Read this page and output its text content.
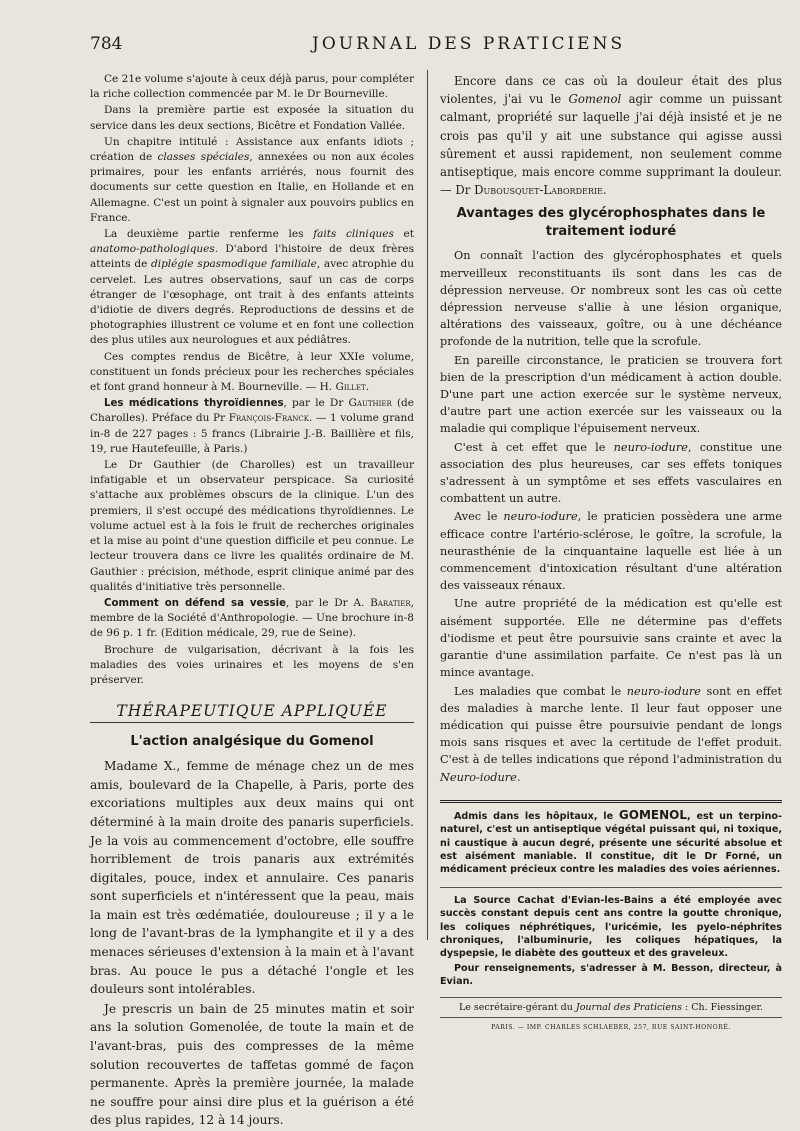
784	JOURNAL DES PRATICIENS

Ce 21e volume s'ajoute à ceux déjà parus, pour compléter la riche collection commencée par M. le Dr Bourneville.

Dans la première partie est exposée la situation du service dans les deux sections, Bicêtre et Fondation Vallée.

Un chapitre intitulé : Assistance aux enfants idiots ; création de classes spéciales, annexées ou non aux écoles primaires, pour les enfants arriérés, nous fournit des documents sur cette question en Italie, en Hollande et en Allemagne. C'est un point à signaler aux pouvoirs publics en France.

La deuxième partie renferme les faits cliniques et anatomo-pathologiques. D'abord l'histoire de deux frères atteints de diplégie spasmodique familiale, avec atrophie du cervelet. Les autres observations, sauf un cas de corps étranger de l'œsophage, ont trait à des enfants atteints d'idiotie de divers degrés. Reproductions de dessins et de photographies illustrent ce volume et en font une collection des plus utiles aux neurologues et aux pédiâtres.

Ces comptes rendus de Bicêtre, à leur XXIe volume, constituent un fonds précieux pour les recherches spéciales et font grand honneur à M. Bourneville. — H. Gillet.

Les médications thyroïdiennes, par le Dr Gauthier (de Charolles). Préface du Pr François-Franck. — 1 volume grand in-8 de 227 pages : 5 francs (Librairie J.-B. Baillière et fils, 19, rue Hautefeuille, à Paris.)

Le Dr Gauthier (de Charolles) est un travailleur infatigable et un observateur perspicace. Sa curiosité s'attache aux problèmes obscurs de la clinique. L'un des premiers, il s'est occupé des médications thyroïdiennes. Le volume actuel est à la fois le fruit de recherches originales et la mise au point d'une question difficile et peu connue. Le lecteur trouvera dans ce livre les qualités ordinaire de M. Gauthier : précision, méthode, esprit clinique animé par des qualités d'initiative très personnelle.

Comment on défend sa vessie, par le Dr A. Baratier, membre de la Société d'Anthropologie. — Une brochure in-8 de 96 p. 1 fr. (Edition médicale, 29, rue de Seine).

Brochure de vulgarisation, décrivant à la fois les maladies des voies urinaires et les moyens de s'en préserver.

THÉRAPEUTIQUE APPLIQUÉE
L'action analgésique du Gomenol

Madame X., femme de ménage chez un de mes amis, boulevard de la Chapelle, à Paris, porte des excoriations multiples aux deux mains qui ont déterminé à la main droite des panaris superficiels. Je la vois au commencement d'octobre, elle souffre horriblement de trois panaris aux extrémités digitales, pouce, index et annulaire. Ces panaris sont superficiels et n'intéressent que la peau, mais la main est très œdématiée, douloureuse ; il y a le long de l'avant-bras de la lymphangite et il y a des menaces sérieuses d'extension à la main et à l'avant bras. Au pouce le pus a détaché l'ongle et les douleurs sont intolérables.

Je prescris un bain de 25 minutes matin et soir ans la solution Gomenolée, de toute la main et de l'avant-bras, puis des compresses de la même solution recouvertes de taffetas gommé de façon permanente. Après la première journée, la malade ne souffre pour ainsi dire plus et la guérison a été des plus rapides, 12 à 14 jours.

Encore dans ce cas où la douleur était des plus violentes, j'ai vu le Gomenol agir comme un puissant calmant, propriété sur laquelle j'ai déjà insisté et je ne crois pas qu'il y ait une substance qui agisse aussi sûrement et aussi rapidement, non seulement comme antiseptique, mais encore comme supprimant la douleur. — Dr Dubousquet-Laborderie.

Avantages des glycérophosphates dans le traitement ioduré

On connaît l'action des glycérophosphates et quels merveilleux reconstituants ils sont dans les cas de dépression nerveuse. Or nombreux sont les cas où cette dépression nerveuse s'allie à une lésion organique, altérations des vaisseaux, goître, ou à une déchéance profonde de la nutrition, telle que la scrofule.

En pareille circonstance, le praticien se trouvera fort bien de la prescription d'un médicament à action double. D'une part une action exercée sur le système nerveux, d'autre part une action exercée sur les vaisseaux ou la maladie qui complique l'épuisement nerveux.

C'est à cet effet que le neuro-iodure, constitue une association des plus heureuses, car ses effets toniques s'adressent à un symptôme et ses effets vasculaires en combattent un autre.

Avec le neuro-iodure, le praticien possèdera une arme efficace contre l'artério-sclérose, le goître, la scrofule, la neurasthénie de la cinquantaine laquelle est liée à un commencement d'intoxication résultant d'une altération des vaisseaux rénaux.

Une autre propriété de la médication est qu'elle est aisément supportée. Elle ne détermine pas d'effets d'iodisme et peut être poursuivie sans crainte et avec la garantie d'une assimilation parfaite. Ce n'est pas là un mince avantage.

Les maladies que combat le neuro-iodure sont en effet des maladies à marche lente. Il leur faut opposer une médication qui puisse être poursuivie pendant de longs mois sans risques et avec la certitude de l'effet produit. C'est à de telles indications que répond l'administration du Neuro-iodure.

Admis dans les hôpitaux, le GOMENOL, est un terpino-naturel, c'est un antiseptique végétal puissant qui, ni toxique, ni caustique à aucun degré, présente une sécurité absolue et est aisément maniable. Il constitue, dit le Dr Forné, un médicament précieux contre les maladies des voies aériennes.

La Source Cachat d'Evian-les-Bains a été employée avec succès constant depuis cent ans contre la goutte chronique, les coliques néphrétiques, l'uricémie, les pyelo-néphrites chroniques, l'albuminurie, les coliques hépatiques, la dyspepsie, le diabète des goutteux et des graveleux.

Pour renseignements, s'adresser à M. Besson, directeur, à Evian.

Le secrétaire-gérant du Journal des Praticiens : Ch. Fiessinger.
PARIS. — IMP. CHARLES SCHLAEBER, 257, RUE SAINT-HONORÉ.
